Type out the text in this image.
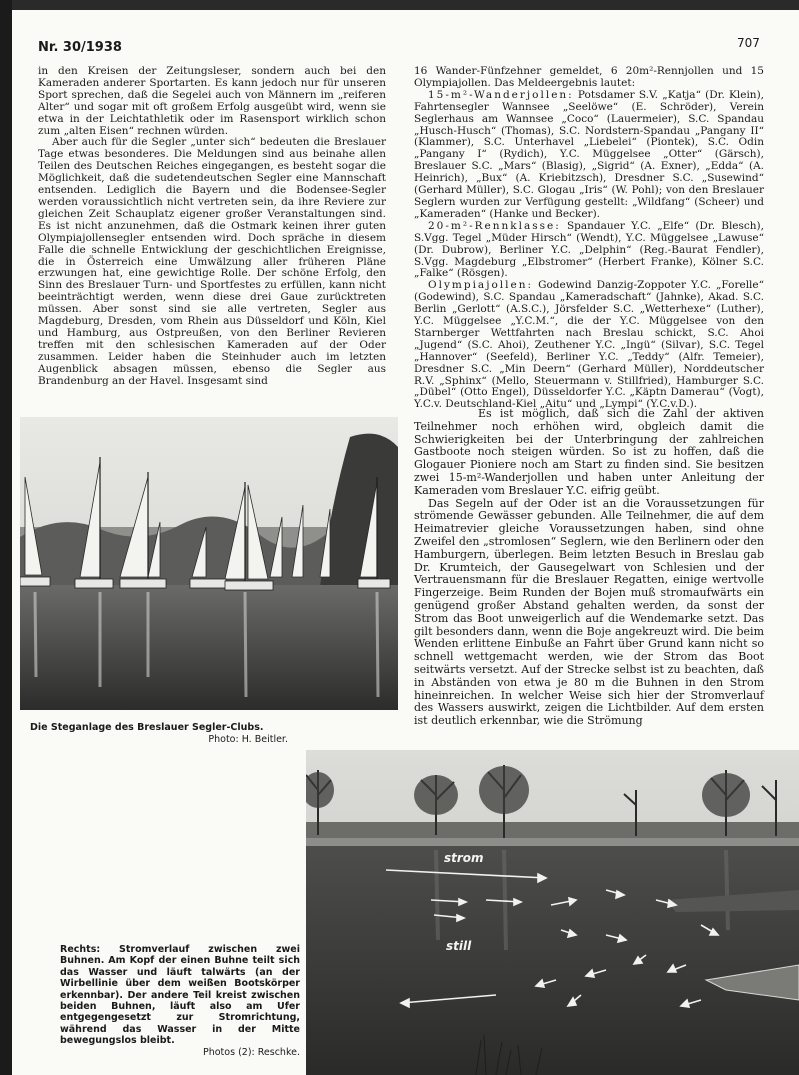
Nr. 30/1938	707

in den Kreisen der Zeitungsleser, sondern auch bei den Kameraden anderer Sportarten. Es kann jedoch nur für unseren Sport sprechen, daß die Segelei auch von Männern im „reiferen Alter“ und sogar mit oft großem Erfolg ausgeübt wird, wenn sie etwa in der Leichtathletik oder im Rasensport wirklich schon zum „alten Eisen“ rechnen würden.

Aber auch für die Segler „unter sich“ bedeuten die Breslauer Tage etwas besonderes. Die Meldungen sind aus beinahe allen Teilen des Deutschen Reiches eingegangen, es besteht sogar die Möglichkeit, daß die sudetendeutschen Segler eine Mannschaft entsenden. Lediglich die Bayern und die Bodensee-Segler werden voraussichtlich nicht vertreten sein, da ihre Reviere zur gleichen Zeit Schauplatz eigener großer Veranstaltungen sind. Es ist nicht anzunehmen, daß die Ostmark keinen ihrer guten Olympiajollensegler entsenden wird. Doch spräche in diesem Falle die schnelle Entwicklung der geschichtlichen Ereignisse, die in Österreich eine Umwälzung aller früheren Pläne erzwungen hat, eine gewichtige Rolle. Der schöne Erfolg, den Sinn des Breslauer Turn- und Sportfestes zu erfüllen, kann nicht beeinträchtigt werden, wenn diese drei Gaue zurücktreten müssen. Aber sonst sind sie alle vertreten, Segler aus Magdeburg, Dresden, vom Rhein aus Düsseldorf und Köln, Kiel und Hamburg, aus Ostpreußen, von den Berliner Revieren treffen mit den schlesischen Kameraden auf der Oder zusammen. Leider haben die Steinhuder auch im letzten Augenblick absagen müssen, ebenso die Segler aus Brandenburg an der Havel. Insgesamt sind

16 Wander-Fünfzehner gemeldet, 6 20m²-Rennjollen und 15 Olympiajollen. Das Meldeergebnis lautet:

15-m²-Wanderjollen: Potsdamer S.V. „Katja“ (Dr. Klein), Fahrtensegler Wannsee „Seelöwe“ (E. Schröder), Verein Seglerhaus am Wannsee „Coco“ (Lauermeier), S.C. Spandau „Husch-Husch“ (Thomas), S.C. Nordstern-Spandau „Pangany II“ (Klammer), S.C. Unterhavel „Liebelei“ (Piontek), S.C. Odin „Pangany I“ (Rydich), Y.C. Müggelsee „Otter“ (Gärsch), Breslauer S.C. „Mars“ (Blasig), „Sigrid“ (A. Exner), „Edda“ (A. Heinrich), „Bux“ (A. Kriebitzsch), Dresdner S.C. „Susewind“ (Gerhard Müller), S.C. Glogau „Iris“ (W. Pohl); von den Breslauer Seglern wurden zur Verfügung gestellt: „Wildfang“ (Scheer) und „Kameraden“ (Hanke und Becker).

20-m²-Rennklasse: Spandauer Y.C. „Elfe“ (Dr. Blesch), S.Vgg. Tegel „Müder Hirsch“ (Wendt), Y.C. Müggelsee „Lawuse“ (Dr. Dubrow), Berliner Y.C. „Delphin“ (Reg.-Baurat Fendler), S.Vgg. Magdeburg „Elbstromer“ (Herbert Franke), Kölner S.C. „Falke“ (Rösgen).

Olympiajollen: Godewind Danzig-Zoppoter Y.C. „Forelle“ (Godewind), S.C. Spandau „Kameradschaft“ (Jahnke), Akad. S.C. Berlin „Gerlott“ (A.S.C.), Jörsfelder S.C. „Wetterhexe“ (Luther), Y.C. Müggelsee „Y.C.M.“, die der Y.C. Müggelsee von den Starnberger Wettfahrten nach Breslau schickt, S.C. Ahoi „Jugend“ (S.C. Ahoi), Zeuthener Y.C. „Ingü“ (Silvar), S.C. Tegel „Hannover“ (Seefeld), Berliner Y.C. „Teddy“ (Alfr. Temeier), Dresdner S.C. „Min Deern“ (Gerhard Müller), Norddeutscher R.V. „Sphinx“ (Mello, Steuermann v. Stillfried), Hamburger S.C. „Dübel“ (Otto Engel), Düsseldorfer Y.C. „Käptn Damerau“ (Vogt), Y.C.v. Deutschland-Kiel „Aitu“ und „Lympi“ (Y.C.v.D.).

Es ist möglich, daß sich die Zahl der aktiven Teilnehmer noch erhöhen wird, obgleich damit die Schwierigkeiten bei der Unterbringung der zahlreichen Gastboote noch steigen würden. So ist zu hoffen, daß die Glogauer Pioniere noch am Start zu finden sind. Sie besitzen zwei 15-m²-Wanderjollen und haben unter Anleitung der Kameraden vom Breslauer Y.C. eifrig geübt.

Das Segeln auf der Oder ist an die Voraussetzungen für strömende Gewässer gebunden. Alle Teilnehmer, die auf dem Heimatrevier gleiche Voraussetzungen haben, sind ohne Zweifel den „stromlosen“ Seglern, wie den Berlinern oder den Hamburgern, überlegen. Beim letzten Besuch in Breslau gab Dr. Krumteich, der Gausegelwart von Schlesien und der Vertrauensmann für die Breslauer Regatten, einige wertvolle Fingerzeige. Beim Runden der Bojen muß stromaufwärts ein genügend großer Abstand gehalten werden, da sonst der Strom das Boot unweigerlich auf die Wendemarke setzt. Das gilt besonders dann, wenn die Boje angekreuzt wird. Die beim Wenden erlittene Einbuße an Fahrt über Grund kann nicht so schnell wettgemacht werden, wie der Strom das Boot seitwärts versetzt. Auf der Strecke selbst ist zu beachten, daß in Abständen von etwa je 80 m die Buhnen in den Strom hineinreichen. In welcher Weise sich hier der Stromverlauf des Wassers auswirkt, zeigen die Lichtbilder. Auf dem ersten ist deutlich erkennbar, wie die Strömung

Die Steganlage des Breslauer Segler-Clubs.
Photo: H. Beitler.
strom
still
Rechts: Stromverlauf zwischen zwei Buhnen. Am Kopf der einen Buhne teilt sich das Wasser und läuft talwärts (an der Wirbellinie über dem weißen Bootskörper erkennbar). Der andere Teil kreist zwischen beiden Buhnen, läuft also am Ufer entgegengesetzt zur Stromrichtung, während das Wasser in der Mitte bewegungslos bleibt.
Photos (2): Reschke.
